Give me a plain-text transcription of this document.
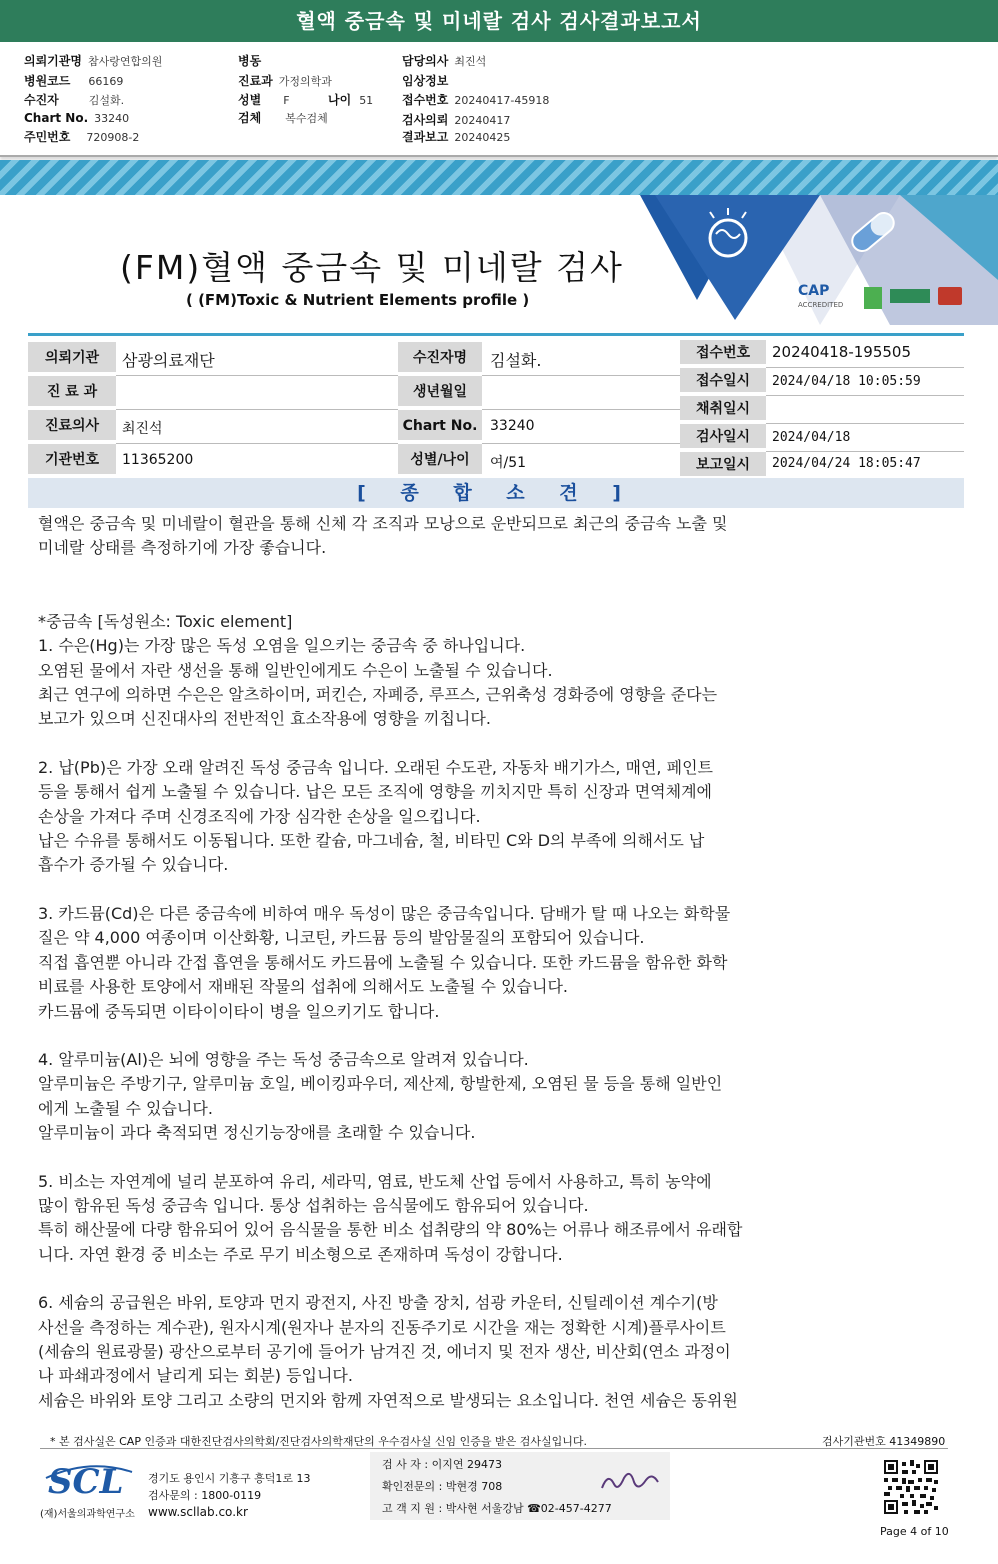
혈액 중금속 및 미네랄 검사 검사결과보고서
의뢰기관명 참사랑연합의원
병원코드 66169
수진자	김설화.
Chart No. 33240
주민번호 720908-2
병동
진료과 가정의학과
성별 F	나이 51
검체 복수검체
담당의사 최진석
임상정보
접수번호 20240417-45918
검사의뢰 20240417
결과보고 20240425
CAP
ACCREDITED
(FM)혈액 중금속 및 미네랄 검사
( (FM)Toxic & Nutrient Elements profile )
의뢰기관	삼광의료재단
진 료 과
진료의사	최진석
기관번호	11365200
수진자명	김설화.
생년월일
Chart No. 33240
성별/나이	여/51
접수번호	20240418-195505
접수일시	2024/04/18 10:05:59
채취일시
검사일시	2024/04/18
보고일시	2024/04/24 18:05:47
[ 종 합 소 견 ]

혈액은 중금속 및 미네랄이 혈관을 통해 신체 각 조직과 모낭으로 운반되므로 최근의 중금속 노출 및
미네랄 상태를 측정하기에 가장 좋습니다.

*중금속 [독성원소: Toxic element]

1. 수은(Hg)는 가장 많은 독성 오염을 일으키는 중금속 중 하나입니다.
오염된 물에서 자란 생선을 통해 일반인에게도 수은이 노출될 수 있습니다.
최근 연구에 의하면 수은은 알츠하이머, 퍼킨슨, 자폐증, 루프스, 근위축성 경화증에 영향을 준다는
보고가 있으며 신진대사의 전반적인 효소작용에 영향을 끼칩니다.

2. 납(Pb)은 가장 오래 알려진 독성 중금속 입니다. 오래된 수도관, 자동차 배기가스, 매연, 페인트
등을 통해서 쉽게 노출될 수 있습니다. 납은 모든 조직에 영향을 끼치지만 특히 신장과 면역체계에
손상을 가져다 주며 신경조직에 가장 심각한 손상을 일으킵니다.
납은 수유를 통해서도 이동됩니다. 또한 칼슘, 마그네슘, 철, 비타민 C와 D의 부족에 의해서도 납
흡수가 증가될 수 있습니다.

3. 카드뮴(Cd)은 다른 중금속에 비하여 매우 독성이 많은 중금속입니다. 담배가 탈 때 나오는 화학물
질은 약 4,000 여종이며 이산화황, 니코틴, 카드뮴 등의 발암물질의 포함되어 있습니다.
직접 흡연뿐 아니라 간접 흡연을 통해서도 카드뮴에 노출될 수 있습니다. 또한 카드뮴을 함유한 화학
비료를 사용한 토양에서 재배된 작물의 섭취에 의해서도 노출될 수 있습니다.
카드뮴에 중독되면 이타이이타이 병을 일으키기도 합니다.

4. 알루미늄(Al)은 뇌에 영향을 주는 독성 중금속으로 알려져 있습니다.
알루미늄은 주방기구, 알루미늄 호일, 베이킹파우더, 제산제, 항발한제, 오염된 물 등을 통해 일반인
에게 노출될 수 있습니다.
알루미늄이 과다 축적되면 정신기능장애를 초래할 수 있습니다.

5. 비소는 자연계에 널리 분포하여 유리, 세라믹, 염료, 반도체 산업 등에서 사용하고, 특히 농약에
많이 함유된 독성 중금속 입니다. 통상 섭취하는 음식물에도 함유되어 있습니다.
특히 해산물에 다량 함유되어 있어 음식물을 통한 비소 섭취량의 약 80%는 어류나 해조류에서 유래합
니다. 자연 환경 중 비소는 주로 무기 비소형으로 존재하며 독성이 강합니다.

6. 세슘의 공급원은 바위, 토양과 먼지 광전지, 사진 방출 장치, 섬광 카운터, 신틸레이션 계수기(방
사선을 측정하는 계수관), 원자시계(원자나 분자의 진동주기로 시간을 재는 정확한 시계)플루사이트
(세슘의 원료광물) 광산으로부터 공기에 들어가 남겨진 것, 에너지 및 전자 생산, 비산회(연소 과정이
나 파쇄과정에서 날리게 되는 회분) 등입니다.
세슘은 바위와 토양 그리고 소량의 먼지와 함께 자연적으로 발생되는 요소입니다. 천연 세슘은 동위원

* 본 검사실은 CAP 인증과 대한진단검사의학회/진단검사의학재단의 우수검사실 신임 인증을 받은 검사실입니다.	검사기관번호 41349890
SCL
(재)서울의과학연구소
경기도 용인시 기흥구 흥덕1로 13
검사문의 : 1800-0119
www.scllab.co.kr
검 사 자 : 이지연 29473
확인전문의 : 박현경 708
고 객 지 원 : 박사현 서울강남 ☎02-457-4277
Page 4 of 10
